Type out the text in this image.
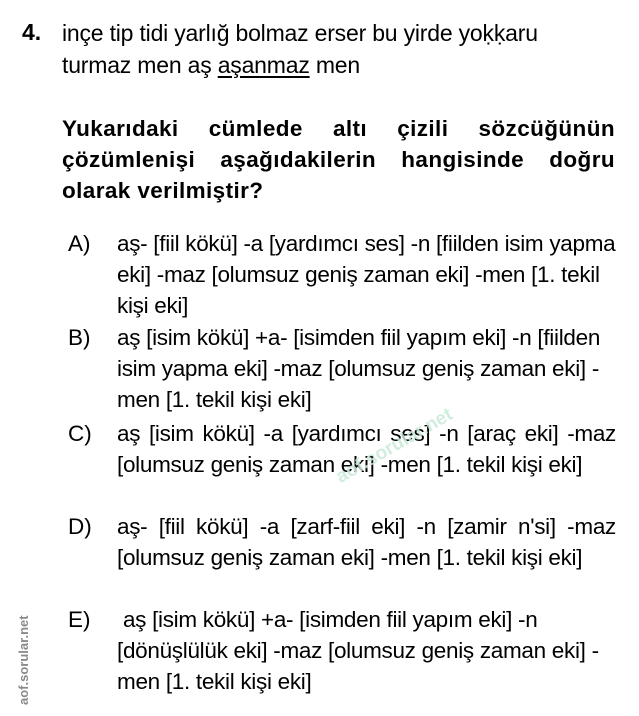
4. inçe tip tidi yarlığ bolmaz erser bu yirde yoḳḳaru
turmaz men aş aşanmaz men
Yukarıdaki cümlede altı çizili sözcüğünün çözümlenişi aşağıdakilerin hangisinde doğru olarak verilmiştir?
A)	aş- [fiil kökü] -a [yardımcı ses] -n [fiilden isim yapma eki] -maz [olumsuz geniş zaman eki] -men [1. tekil kişi eki]
B)	aş [isim kökü] +a- [isimden fiil yapım eki] -n [fiilden isim yapma eki] -maz [olumsuz geniş zaman eki] -men [1. tekil kişi eki]
C)	aş [isim kökü] -a [yardımcı ses] -n [araç eki] -maz [olumsuz geniş zaman eki] -men [1. tekil kişi eki]
D)	aş- [fiil kökü] -a [zarf-fiil eki] -n [zamir n'si] -maz [olumsuz geniş zaman eki] -men [1. tekil kişi eki]
E)	aş [isim kökü] +a- [isimden fiil yapım eki] -n [dönüşlülük eki] -maz [olumsuz geniş zaman eki] -men [1. tekil kişi eki]
aof.sorular.net
aof.sorular.net
